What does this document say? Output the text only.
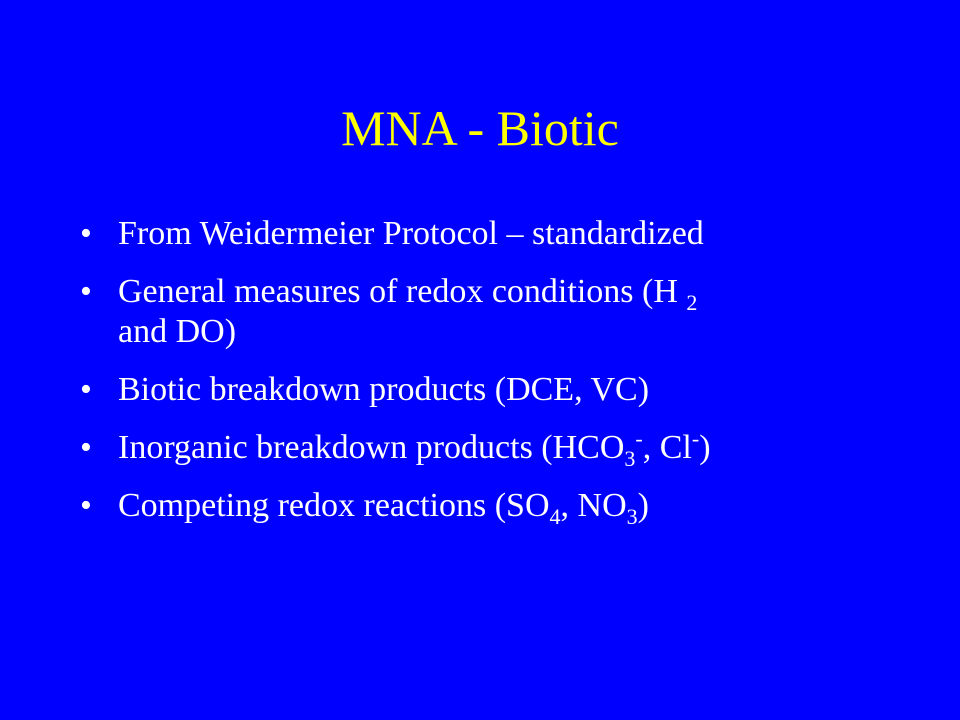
MNA - Biotic
• From Weidermeier Protocol – standardized
• General measures of redox conditions (H $_2$
and DO)
• Biotic breakdown products (DCE, VC)
• Inorganic breakdown products ($HCO_3^-$, Cl-)
• Competing redox reactions ($SO_4$, $NO_3$)
